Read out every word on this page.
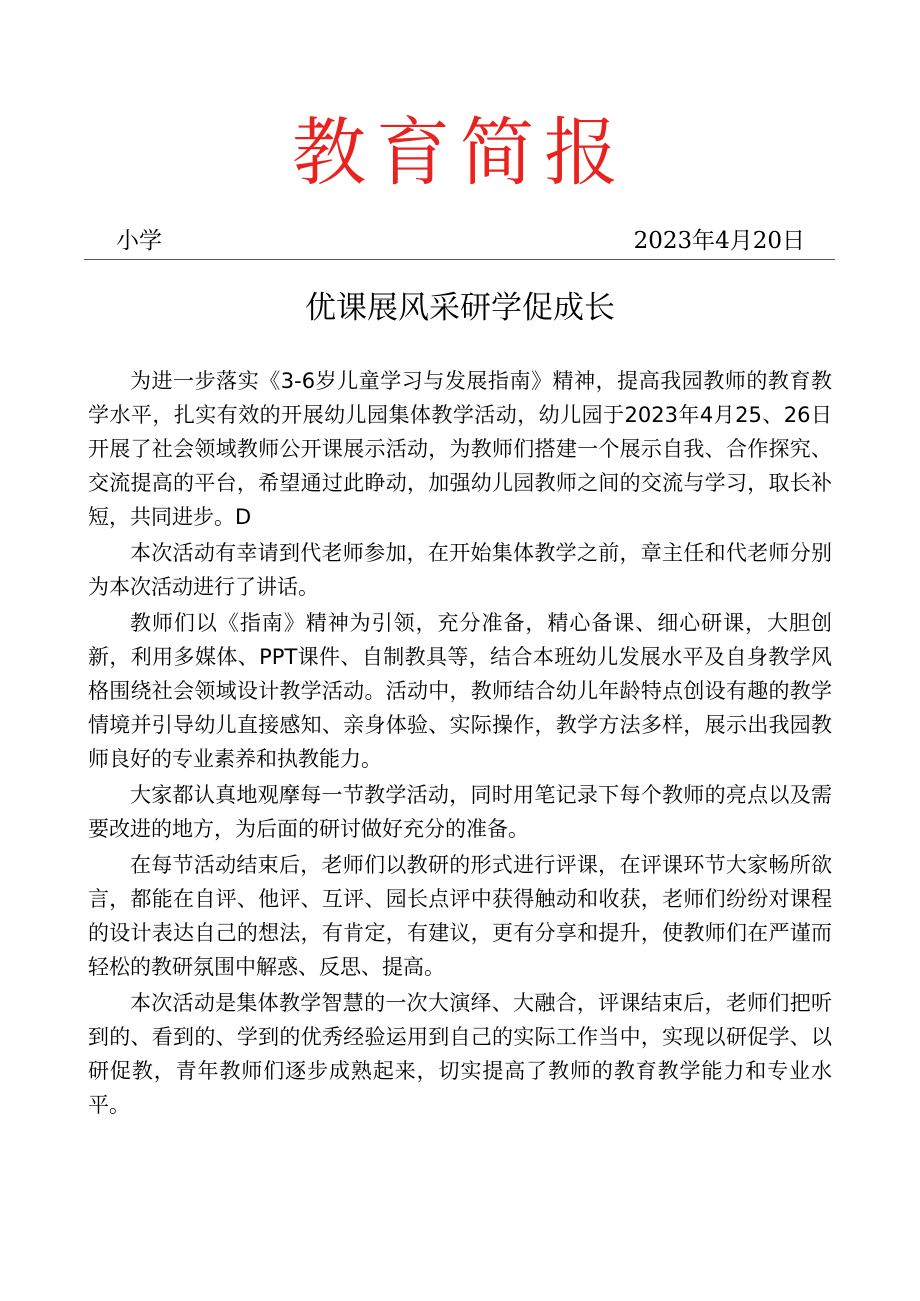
教育简报
小学	2023年4月20日
优课展风采研学促成长

为进一步落实《3-6岁儿童学习与发展指南》精神，提高我园教师的教育教学水平，扎实有效的开展幼儿园集体教学活动，幼儿园于2023年4月25、26日开展了社会领域教师公开课展示活动，为教师们搭建一个展示自我、合作探究、交流提高的平台，希望通过此睁动，加强幼儿园教师之间的交流与学习，取长补短，共同进步。D

本次活动有幸请到代老师参加，在开始集体教学之前，章主任和代老师分别为本次活动进行了讲话。

教师们以《指南》精神为引领，充分准备，精心备课、细心研课，大胆创新，利用多媒体、PPT课件、自制教具等，结合本班幼儿发展水平及自身教学风格围绕社会领域设计教学活动。活动中，教师结合幼儿年龄特点创设有趣的教学情境并引导幼儿直接感知、亲身体验、实际操作，教学方法多样，展示出我园教师良好的专业素养和执教能力。

大家都认真地观摩每一节教学活动，同时用笔记录下每个教师的亮点以及需要改进的地方，为后面的研讨做好充分的准备。

在每节活动结束后，老师们以教研的形式进行评课，在评课环节大家畅所欲言，都能在自评、他评、互评、园长点评中获得触动和收获，老师们纷纷对课程的设计表达自己的想法，有肯定，有建议，更有分享和提升，使教师们在严谨而轻松的教研氛围中解惑、反思、提高。

本次活动是集体教学智慧的一次大演绎、大融合，评课结束后，老师们把听到的、看到的、学到的优秀经验运用到自己的实际工作当中，实现以研促学、以研促教，青年教师们逐步成熟起来，切实提高了教师的教育教学能力和专业水平。
